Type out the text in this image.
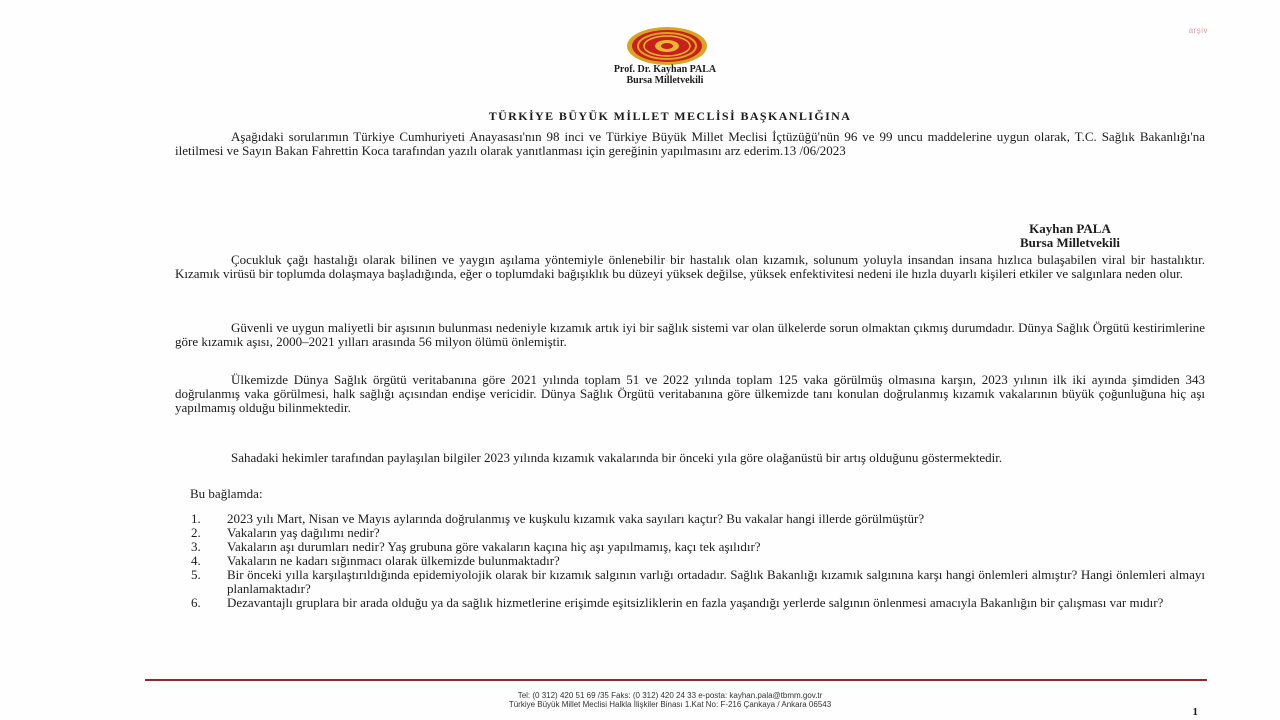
arşiv
Prof. Dr. Kayhan PALA
Bursa Milletvekili
TÜRKİYE BÜYÜK MİLLET MECLİSİ BAŞKANLIĞINA

Aşağıdaki sorularımın Türkiye Cumhuriyeti Anayasası'nın 98 inci ve Türkiye Büyük Millet Meclisi İçtüzüğü'nün 96 ve 99 uncu maddelerine uygun olarak, T.C. Sağlık Bakanlığı'na iletilmesi ve Sayın Bakan Fahrettin Koca tarafından yazılı olarak yanıtlanması için gereğinin yapılmasını arz ederim.13 /06/2023

Kayhan PALA
Bursa Milletvekili

Çocukluk çağı hastalığı olarak bilinen ve yaygın aşılama yöntemiyle önlenebilir bir hastalık olan kızamık, solunum yoluyla insandan insana hızlıca bulaşabilen viral bir hastalıktır. Kızamık virüsü bir toplumda dolaşmaya başladığında, eğer o toplumdaki bağışıklık bu düzeyi yüksek değilse, yüksek enfektivitesi nedeni ile hızla duyarlı kişileri etkiler ve salgınlara neden olur.

Güvenli ve uygun maliyetli bir aşısının bulunması nedeniyle kızamık artık iyi bir sağlık sistemi var olan ülkelerde sorun olmaktan çıkmış durumdadır. Dünya Sağlık Örgütü kestirimlerine göre kızamık aşısı, 2000–2021 yılları arasında 56 milyon ölümü önlemiştir.

Ülkemizde Dünya Sağlık örgütü veritabanına göre 2021 yılında toplam 51 ve 2022 yılında toplam 125 vaka görülmüş olmasına karşın, 2023 yılının ilk iki ayında şimdiden 343 doğrulanmış vaka görülmesi, halk sağlığı açısından endişe vericidir. Dünya Sağlık Örgütü veritabanına göre ülkemizde tanı konulan doğrulanmış kızamık vakalarının büyük çoğunluğuna hiç aşı yapılmamış olduğu bilinmektedir.

Sahadaki hekimler tarafından paylaşılan bilgiler 2023 yılında kızamık vakalarında bir önceki yıla göre olağanüstü bir artış olduğunu göstermektedir.

Bu bağlamda:
1. 2023 yılı Mart, Nisan ve Mayıs aylarında doğrulanmış ve kuşkulu kızamık vaka sayıları kaçtır? Bu vakalar hangi illerde görülmüştür?
2. Vakaların yaş dağılımı nedir?
3. Vakaların aşı durumları nedir? Yaş grubuna göre vakaların kaçına hiç aşı yapılmamış, kaçı tek aşılıdır?
4. Vakaların ne kadarı sığınmacı olarak ülkemizde bulunmaktadır?
5. Bir önceki yılla karşılaştırıldığında epidemiyolojik olarak bir kızamık salgının varlığı ortadadır. Sağlık Bakanlığı kızamık salgınına karşı hangi önlemleri almıştır? Hangi önlemleri almayı planlamaktadır?
6. Dezavantajlı gruplara bir arada olduğu ya da sağlık hizmetlerine erişimde eşitsizliklerin en fazla yaşandığı yerlerde salgının önlenmesi amacıyla Bakanlığın bir çalışması var mıdır?
Tel: (0 312) 420 51 69 /35 Faks: (0 312) 420 24 33 e-posta: kayhan.pala@tbmm.gov.tr
Türkiye Büyük Millet Meclisi Halkla İlişkiler Binası 1.Kat No: F-216 Çankaya / Ankara 06543
1
